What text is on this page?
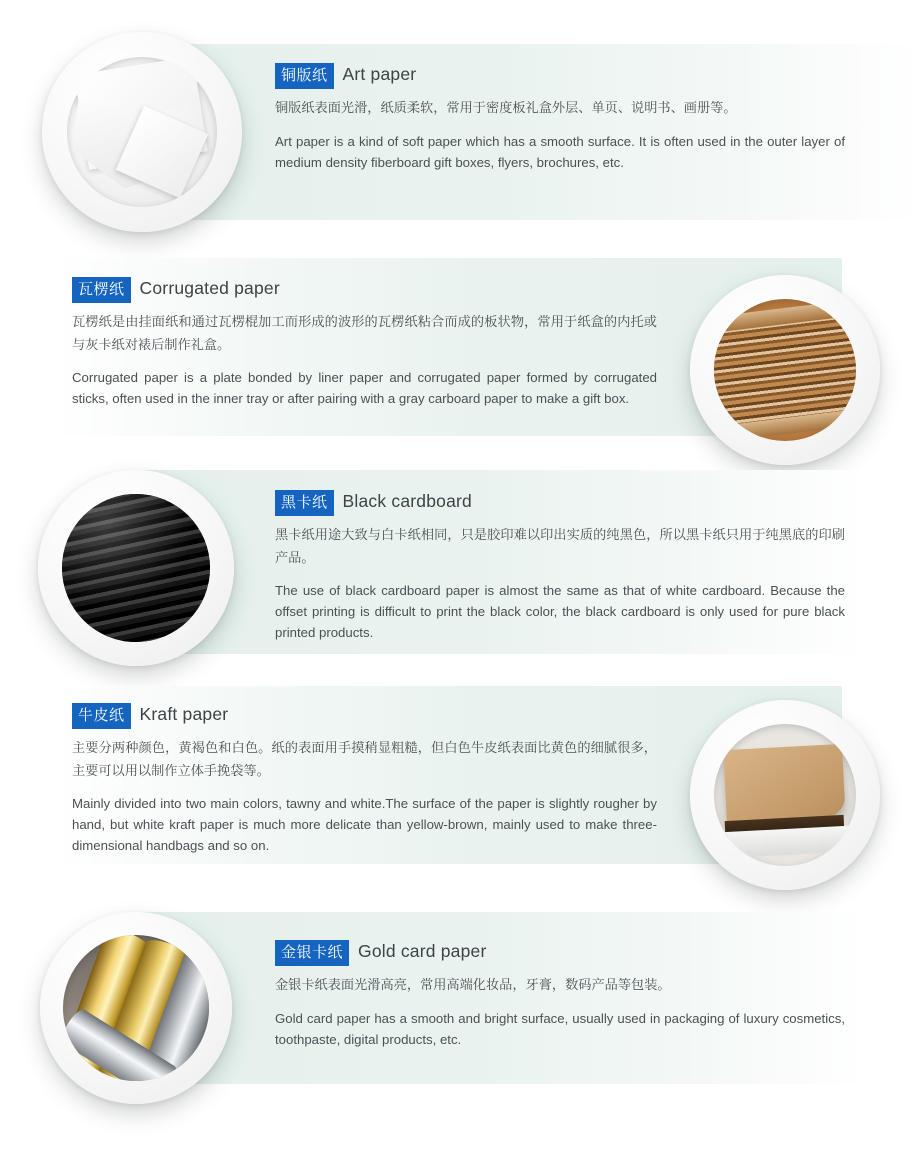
铜版纸 Art paper

铜版纸表面光滑，纸质柔软，常用于密度板礼盒外层、单页、说明书、画册等。

Art paper is a kind of soft paper which has a smooth surface. It is often used in the outer layer of medium density fiberboard gift boxes, flyers, brochures, etc.

瓦楞纸 Corrugated paper

瓦楞纸是由挂面纸和通过瓦楞棍加工而形成的波形的瓦楞纸粘合而成的板状物，常用于纸盒的内托或与灰卡纸对裱后制作礼盒。

Corrugated paper is a plate bonded by liner paper and corrugated paper formed by corrugated sticks, often used in the inner tray or after pairing with a gray carboard paper to make a gift box.

黑卡纸 Black cardboard

黑卡纸用途大致与白卡纸相同，只是胶印难以印出实质的纯黑色，所以黑卡纸只用于纯黑底的印刷产品。

The use of black cardboard paper is almost the same as that of white cardboard. Because the offset printing is difficult to print the black color, the black cardboard is only used for pure black printed products.

牛皮纸 Kraft paper

主要分两种颜色，黄褐色和白色。纸的表面用手摸稍显粗糙，但白色牛皮纸表面比黄色的细腻很多，主要可以用以制作立体手挽袋等。

Mainly divided into two main colors, tawny and white.The surface of the paper is slightly rougher by hand, but white kraft paper is much more delicate than yellow-brown, mainly used to make three-dimensional handbags and so on.

金银卡纸 Gold card paper

金银卡纸表面光滑高亮，常用高端化妆品，牙膏，数码产品等包装。

Gold card paper has a smooth and bright surface, usually used in packaging of luxury cosmetics, toothpaste, digital products, etc.
